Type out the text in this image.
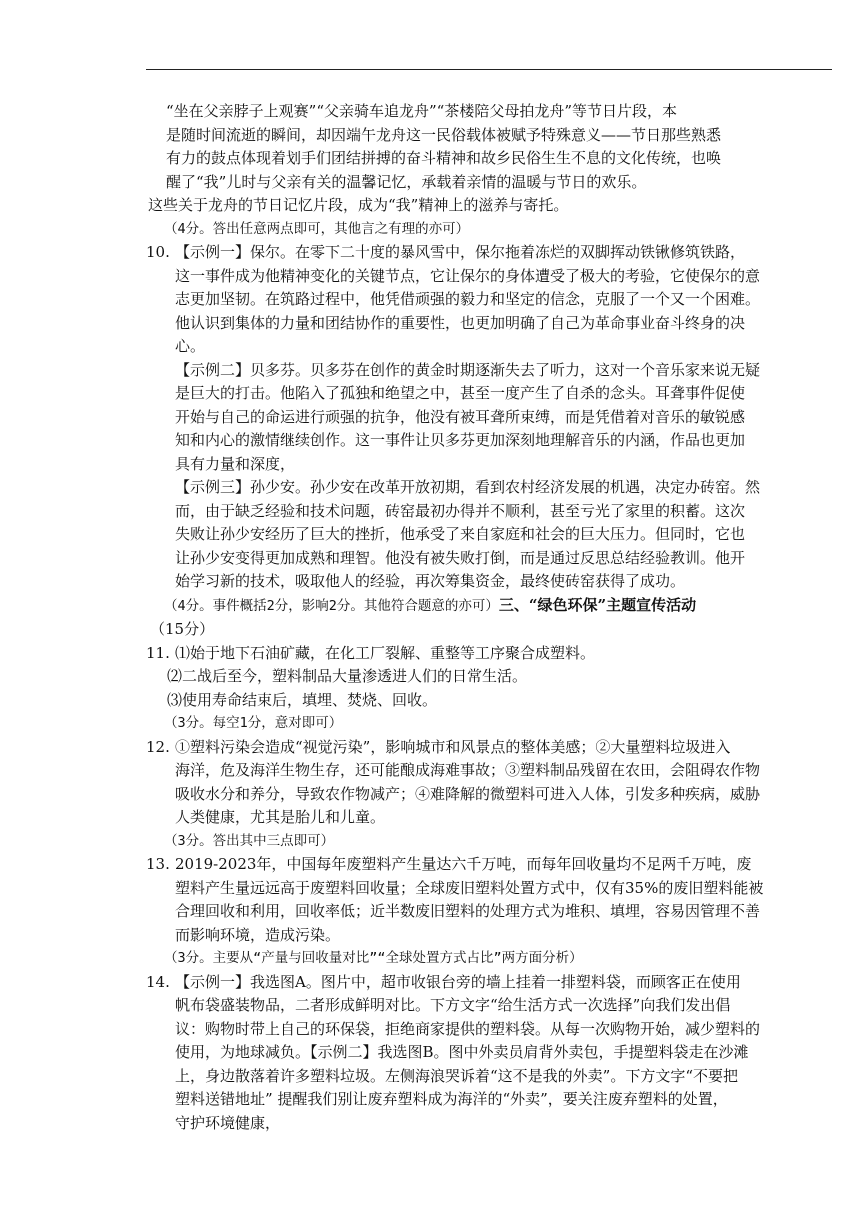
“坐在父亲脖子上观赛”“父亲骑车追龙舟”“茶楼陪父母拍龙舟”等节日片段，本
是随时间流逝的瞬间，却因端午龙舟这一民俗载体被赋予特殊意义——节日那些熟悉
有力的鼓点体现着划手们团结拼搏的奋斗精神和故乡民俗生生不息的文化传统，也唤
醒了“我”儿时与父亲有关的温馨记忆，承载着亲情的温暖与节日的欢乐。
这些关于龙舟的节日记忆片段，成为“我”精神上的滋养与寄托。
（4分。答出任意两点即可，其他言之有理的亦可）
10. 【示例一】保尔。在零下二十度的暴风雪中，保尔拖着冻烂的双脚挥动铁锹修筑铁路，
这一事件成为他精神变化的关键节点，它让保尔的身体遭受了极大的考验，它使保尔的意
志更加坚韧。在筑路过程中，他凭借顽强的毅力和坚定的信念，克服了一个又一个困难。
他认识到集体的力量和团结协作的重要性，也更加明确了自己为革命事业奋斗终身的决
心。
【示例二】贝多芬。贝多芬在创作的黄金时期逐渐失去了听力，这对一个音乐家来说无疑
是巨大的打击。他陷入了孤独和绝望之中，甚至一度产生了自杀的念头。耳聋事件促使
开始与自己的命运进行顽强的抗争，他没有被耳聋所束缚，而是凭借着对音乐的敏锐感
知和内心的激情继续创作。这一事件让贝多芬更加深刻地理解音乐的内涵，作品也更加
具有力量和深度，
【示例三】孙少安。孙少安在改革开放初期，看到农村经济发展的机遇，决定办砖窑。然
而，由于缺乏经验和技术问题，砖窑最初办得并不顺利，甚至亏光了家里的积蓄。这次
失败让孙少安经历了巨大的挫折，他承受了来自家庭和社会的巨大压力。但同时，它也
让孙少安变得更加成熟和理智。他没有被失败打倒，而是通过反思总结经验教训。他开
始学习新的技术，吸取他人的经验，再次筹集资金，最终使砖窑获得了成功。
（4分。事件概括2分，影响2分。其他符合题意的亦可）三、“绿色环保”主题宣传活动
（15分）
11. ⑴始于地下石油矿藏，在化工厂裂解、重整等工序聚合成塑料。
⑵二战后至今，塑料制品大量渗透进人们的日常生活。
⑶使用寿命结束后，填埋、焚烧、回收。
（3分。每空1分，意对即可）
12. ①塑料污染会造成“视觉污染”，影响城市和风景点的整体美感；②大量塑料垃圾进入
海洋，危及海洋生物生存，还可能酿成海难事故；③塑料制品残留在农田，会阻碍农作物
吸收水分和养分，导致农作物减产；④难降解的微塑料可进入人体，引发多种疾病，威胁
人类健康，尤其是胎儿和儿童。
（3分。答出其中三点即可）
13. 2019-2023年，中国每年废塑料产生量达六千万吨，而每年回收量均不足两千万吨，废
塑料产生量远远高于废塑料回收量；全球废旧塑料处置方式中，仅有35%的废旧塑料能被
合理回收和利用，回收率低；近半数废旧塑料的处理方式为堆积、填埋，容易因管理不善
而影响环境，造成污染。
（3分。主要从“产量与回收量对比”“全球处置方式占比”两方面分析）
14. 【示例一】我选图A。图片中，超市收银台旁的墙上挂着一排塑料袋，而顾客正在使用
帆布袋盛装物品，二者形成鲜明对比。下方文字“给生活方式一次选择”向我们发出倡
议：购物时带上自己的环保袋，拒绝商家提供的塑料袋。从每一次购物开始，减少塑料的
使用，为地球减负。【示例二】我选图B。图中外卖员肩背外卖包，手提塑料袋走在沙滩
上，身边散落着许多塑料垃圾。左侧海浪哭诉着“这不是我的外卖”。下方文字“不要把
塑料送错地址” 提醒我们别让废弃塑料成为海洋的“外卖”，要关注废弃塑料的处置，
守护环境健康，
